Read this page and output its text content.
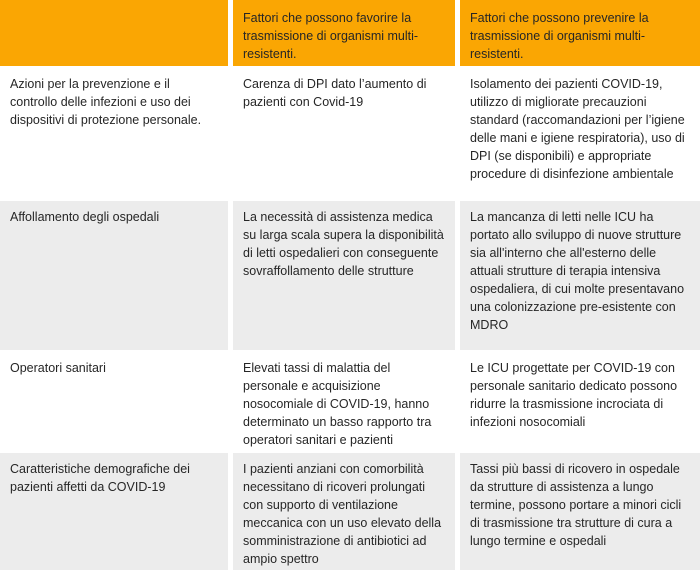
Fattori che possono favorire la trasmissione di organismi multi-resistenti.
Fattori che possono prevenire la trasmissione di organismi multi-resistenti.
Azioni per la prevenzione e il controllo delle infezioni e uso dei dispositivi di protezione personale.
Carenza di DPI dato l’aumento di pazienti con Covid-19
Isolamento dei pazienti COVID-19, utilizzo di migliorate precauzioni standard (raccomandazioni per l’igiene delle mani e igiene respiratoria), uso di DPI (se disponibili) e appropriate procedure di disinfezione ambientale
Affollamento degli ospedali	La necessità di assistenza medica su larga scala supera la disponibilità di letti ospedalieri con conseguente sovraffollamento delle strutture
La mancanza di letti nelle ICU ha portato allo sviluppo di nuove strutture sia all'interno che all'esterno delle attuali strutture di terapia intensiva ospedaliera, di cui molte presentavano una colonizzazione pre-esistente con MDRO
Operatori sanitari	Elevati tassi di malattia del personale e acquisizione nosocomiale di COVID-19, hanno determinato un basso rapporto tra operatori sanitari e pazienti
Le ICU progettate per COVID-19 con personale sanitario dedicato possono ridurre la trasmissione incrociata di infezioni nosocomiali
Caratteristiche demografiche dei pazienti affetti da COVID-19
I pazienti anziani con comorbilità necessitano di ricoveri prolungati con supporto di ventilazione meccanica con un uso elevato della somministrazione di antibiotici ad ampio spettro
Tassi più bassi di ricovero in ospedale da strutture di assistenza a lungo termine, possono portare a minori cicli di trasmissione tra strutture di cura a lungo termine e ospedali
